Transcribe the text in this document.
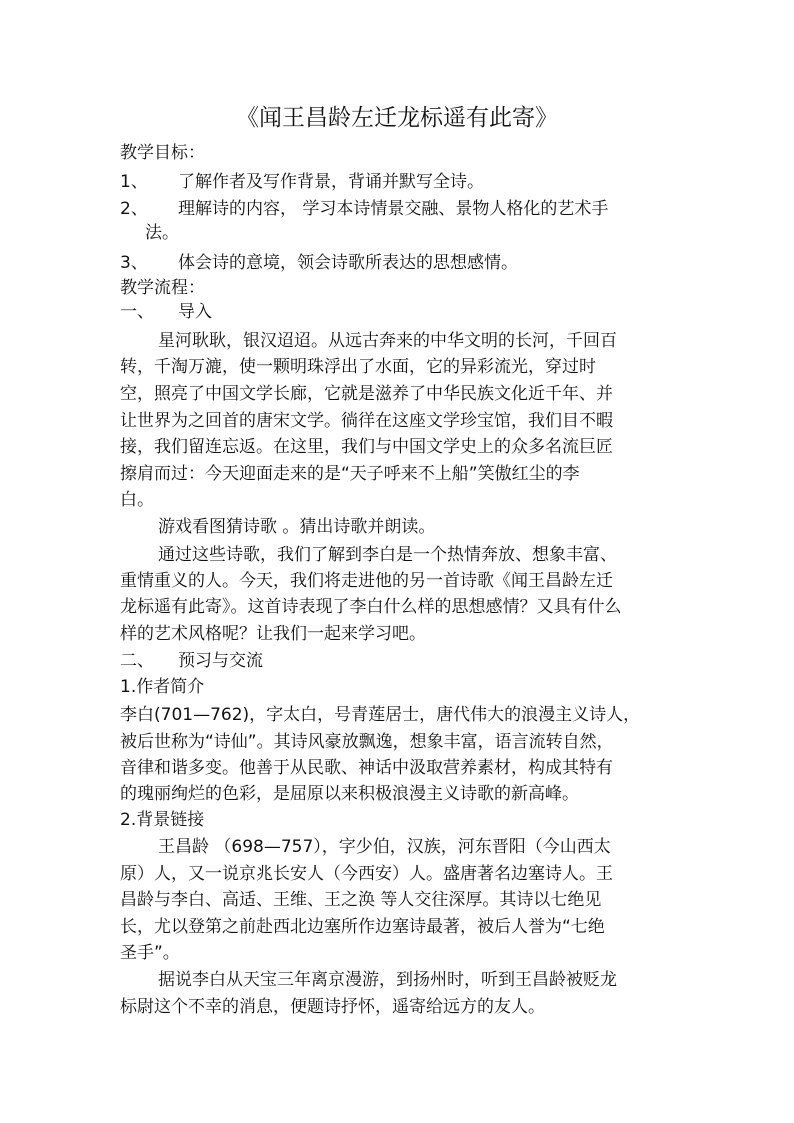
《闻王昌龄左迁龙标遥有此寄》
教学目标：
1、 了解作者及写作背景，背诵并默写全诗。
2、 理解诗的内容， 学习本诗情景交融、景物人格化的艺术手
法。
3、 体会诗的意境，领会诗歌所表达的思想感情。
教学流程：
一、 导入
星河耿耿，银汉迢迢。从远古奔来的中华文明的长河，千回百
转，千淘万漉，使一颗明珠浮出了水面，它的异彩流光，穿过时
空，照亮了中国文学长廊，它就是滋养了中华民族文化近千年、并
让世界为之回首的唐宋文学。徜徉在这座文学珍宝馆，我们目不暇
接，我们留连忘返。在这里，我们与中国文学史上的众多名流巨匠
擦肩而过：今天迎面走来的是“天子呼来不上船”笑傲红尘的李
白。
游戏看图猜诗歌 。猜出诗歌并朗读。
通过这些诗歌，我们了解到李白是一个热情奔放、想象丰富、
重情重义的人。今天，我们将走进他的另一首诗歌《闻王昌龄左迁
龙标遥有此寄》。这首诗表现了李白什么样的思想感情？又具有什么
样的艺术风格呢？让我们一起来学习吧。
二、 预习与交流
1.作者简介
李白(701—762)，字太白，号青莲居士，唐代伟大的浪漫主义诗人，
被后世称为“诗仙”。其诗风豪放飘逸，想象丰富，语言流转自然，
音律和谐多变。他善于从民歌、神话中汲取营养素材，构成其特有
的瑰丽绚烂的色彩，是屈原以来积极浪漫主义诗歌的新高峰。
2.背景链接
王昌龄 （698—757），字少伯，汉族，河东晋阳（今山西太
原）人，又一说京兆长安人（今西安）人。盛唐著名边塞诗人。王
昌龄与李白、高适、王维、王之涣 等人交往深厚。其诗以七绝见
长，尤以登第之前赴西北边塞所作边塞诗最著，被后人誉为“七绝
圣手”。
据说李白从天宝三年离京漫游，到扬州时，听到王昌龄被贬龙
标尉这个不幸的消息，便题诗抒怀，遥寄给远方的友人。
